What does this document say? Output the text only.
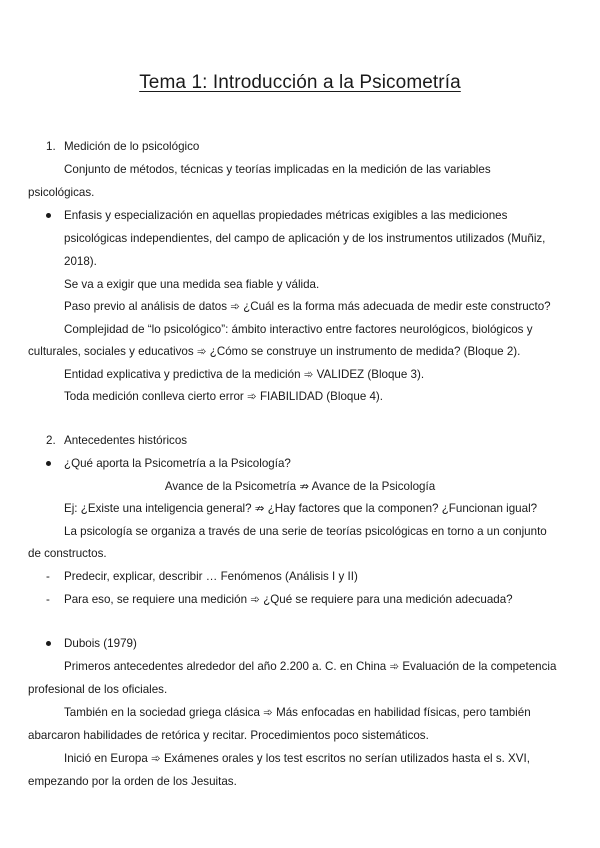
Tema 1: Introducción a la Psicometría
1. Medición de lo psicológico
Conjunto de métodos, técnicas y teorías implicadas en la medición de las variables
psicológicas.
Enfasis y especialización en aquellas propiedades métricas exigibles a las mediciones
psicológicas independientes, del campo de aplicación y de los instrumentos utilizados (Muñiz,
2018).
Se va a exigir que una medida sea fiable y válida.
Paso previo al análisis de datos ➾ ¿Cuál es la forma más adecuada de medir este constructo?
Complejidad de “lo psicológico”: ámbito interactivo entre factores neurológicos, biológicos y
culturales, sociales y educativos ➾ ¿Cómo se construye un instrumento de medida? (Bloque 2).
Entidad explicativa y predictiva de la medición ➾ VALIDEZ (Bloque 3).
Toda medición conlleva cierto error ➾ FIABILIDAD (Bloque 4).
2. Antecedentes históricos
¿Qué aporta la Psicometría a la Psicología?
Avance de la Psicometría ⇏ Avance de la Psicología
Ej: ¿Existe una inteligencia general? ⇏ ¿Hay factores que la componen? ¿Funcionan igual?
La psicología se organiza a través de una serie de teorías psicológicas en torno a un conjunto
de constructos.
- Predecir, explicar, describir … Fenómenos (Análisis I y II)
- Para eso, se requiere una medición ➾ ¿Qué se requiere para una medición adecuada?
Dubois (1979)
Primeros antecedentes alrededor del año 2.200 a. C. en China ➾ Evaluación de la competencia
profesional de los oficiales.
También en la sociedad griega clásica ➾ Más enfocadas en habilidad físicas, pero también
abarcaron habilidades de retórica y recitar. Procedimientos poco sistemáticos.
Inició en Europa ➾ Exámenes orales y los test escritos no serían utilizados hasta el s. XVI,
empezando por la orden de los Jesuitas.
